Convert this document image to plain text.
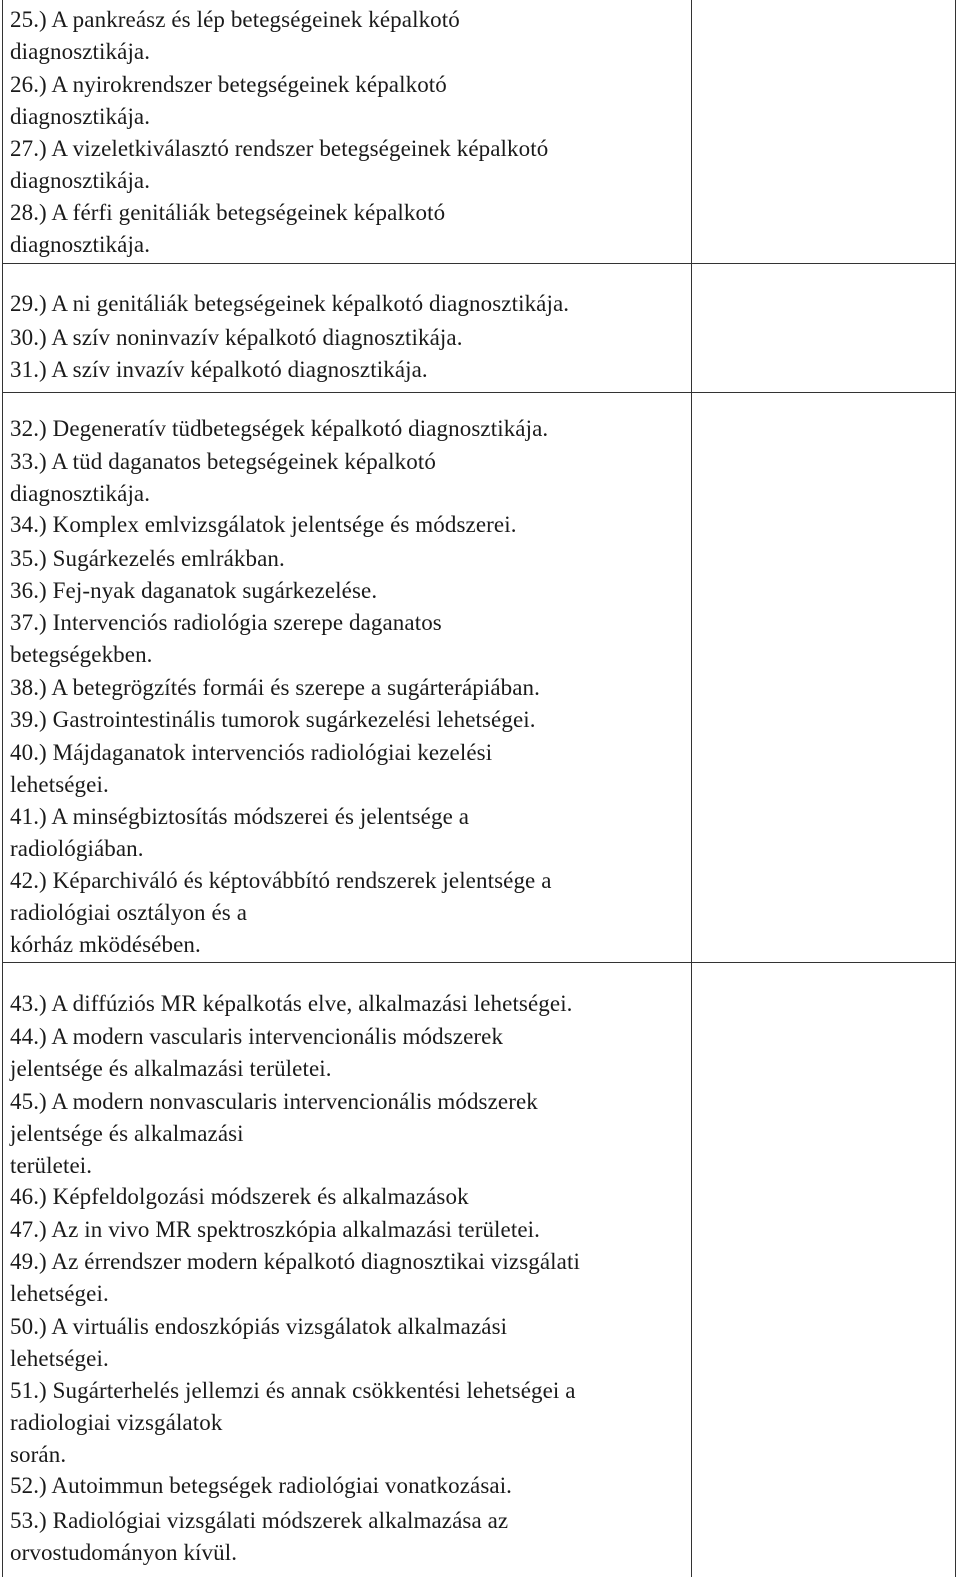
25.) A pankreász és lép betegségeinek képalkotó
diagnosztikája.
26.) A nyirokrendszer betegségeinek képalkotó
diagnosztikája.
27.) A vizeletkiválasztó rendszer betegségeinek képalkotó
diagnosztikája.
28.) A férfi genitáliák betegségeinek képalkotó
diagnosztikája.
29.) A ni genitáliák betegségeinek képalkotó diagnosztikája.
30.) A szív noninvazív képalkotó diagnosztikája.
31.) A szív invazív képalkotó diagnosztikája.
32.) Degeneratív tüdbetegségek képalkotó diagnosztikája.
33.) A tüd daganatos betegségeinek képalkotó
diagnosztikája.
34.) Komplex emlvizsgálatok jelentsége és módszerei.
35.) Sugárkezelés emlrákban.
36.) Fej-nyak daganatok sugárkezelése.
37.) Intervenciós radiológia szerepe daganatos
betegségekben.
38.) A betegrögzítés formái és szerepe a sugárterápiában.
39.) Gastrointestinális tumorok sugárkezelési lehetségei.
40.) Májdaganatok intervenciós radiológiai kezelési
lehetségei.
41.) A minségbiztosítás módszerei és jelentsége a
radiológiában.
42.) Képarchiváló és képtovábbító rendszerek jelentsége a
radiológiai osztályon és a
kórház mködésében.
43.) A diffúziós MR képalkotás elve, alkalmazási lehetségei.
44.) A modern vascularis intervencionális módszerek
jelentsége és alkalmazási területei.
45.) A modern nonvascularis intervencionális módszerek
jelentsége és alkalmazási
területei.
46.) Képfeldolgozási módszerek és alkalmazások
47.) Az in vivo MR spektroszkópia alkalmazási területei.
49.) Az érrendszer modern képalkotó diagnosztikai vizsgálati
lehetségei.
50.) A virtuális endoszkópiás vizsgálatok alkalmazási
lehetségei.
51.) Sugárterhelés jellemzi és annak csökkentési lehetségei a
radiologiai vizsgálatok
során.
52.) Autoimmun betegségek radiológiai vonatkozásai.
53.) Radiológiai vizsgálati módszerek alkalmazása az
orvostudományon kívül.
